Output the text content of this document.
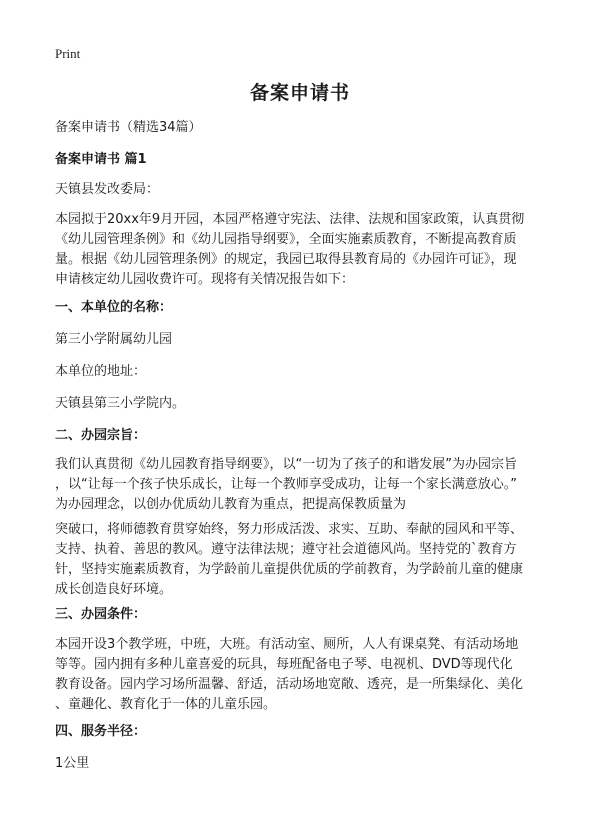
Print
备案申请书

备案申请书（精选34篇）

备案申请书 篇1

天镇县发改委局：

本园拟于20xx年9月开园，本园严格遵守宪法、法律、法规和国家政策，认真贯彻
《幼儿园管理条例》和《幼儿园指导纲要》，全面实施素质教育，不断提高教育质
量。根据《幼儿园管理条例》的规定，我园已取得县教育局的《办园许可证》，现
申请核定幼儿园收费许可。现将有关情况报告如下：

一、本单位的名称：

第三小学附属幼儿园

本单位的地址：

天镇县第三小学院内。

二、办园宗旨：

我们认真贯彻《幼儿园教育指导纲要》，以“一切为了孩子的和谐发展”为办园宗旨
，以“让每一个孩子快乐成长，让每一个教师享受成功，让每一个家长满意放心。”
为办园理念，以创办优质幼儿教育为重点，把提高保教质量为
突破口，将师德教育贯穿始终，努力形成活泼、求实、互助、奉献的园风和平等、
支持、执着、善思的教风。遵守法律法规；遵守社会道德风尚。坚持党的`教育方
针，坚持实施素质教育，为学龄前儿童提供优质的学前教育，为学龄前儿童的健康
成长创造良好环境。

三、办园条件：

本园开设3个教学班，中班，大班。有活动室、厕所，人人有课桌凳、有活动场地
等等。园内拥有多种儿童喜爱的玩具，每班配备电子琴、电视机、DVD等现代化
教育设备。园内学习场所温馨、舒适，活动场地宽敞、透亮，是一所集绿化、美化
、童趣化、教育化于一体的儿童乐园。

四、服务半径：

1公里
